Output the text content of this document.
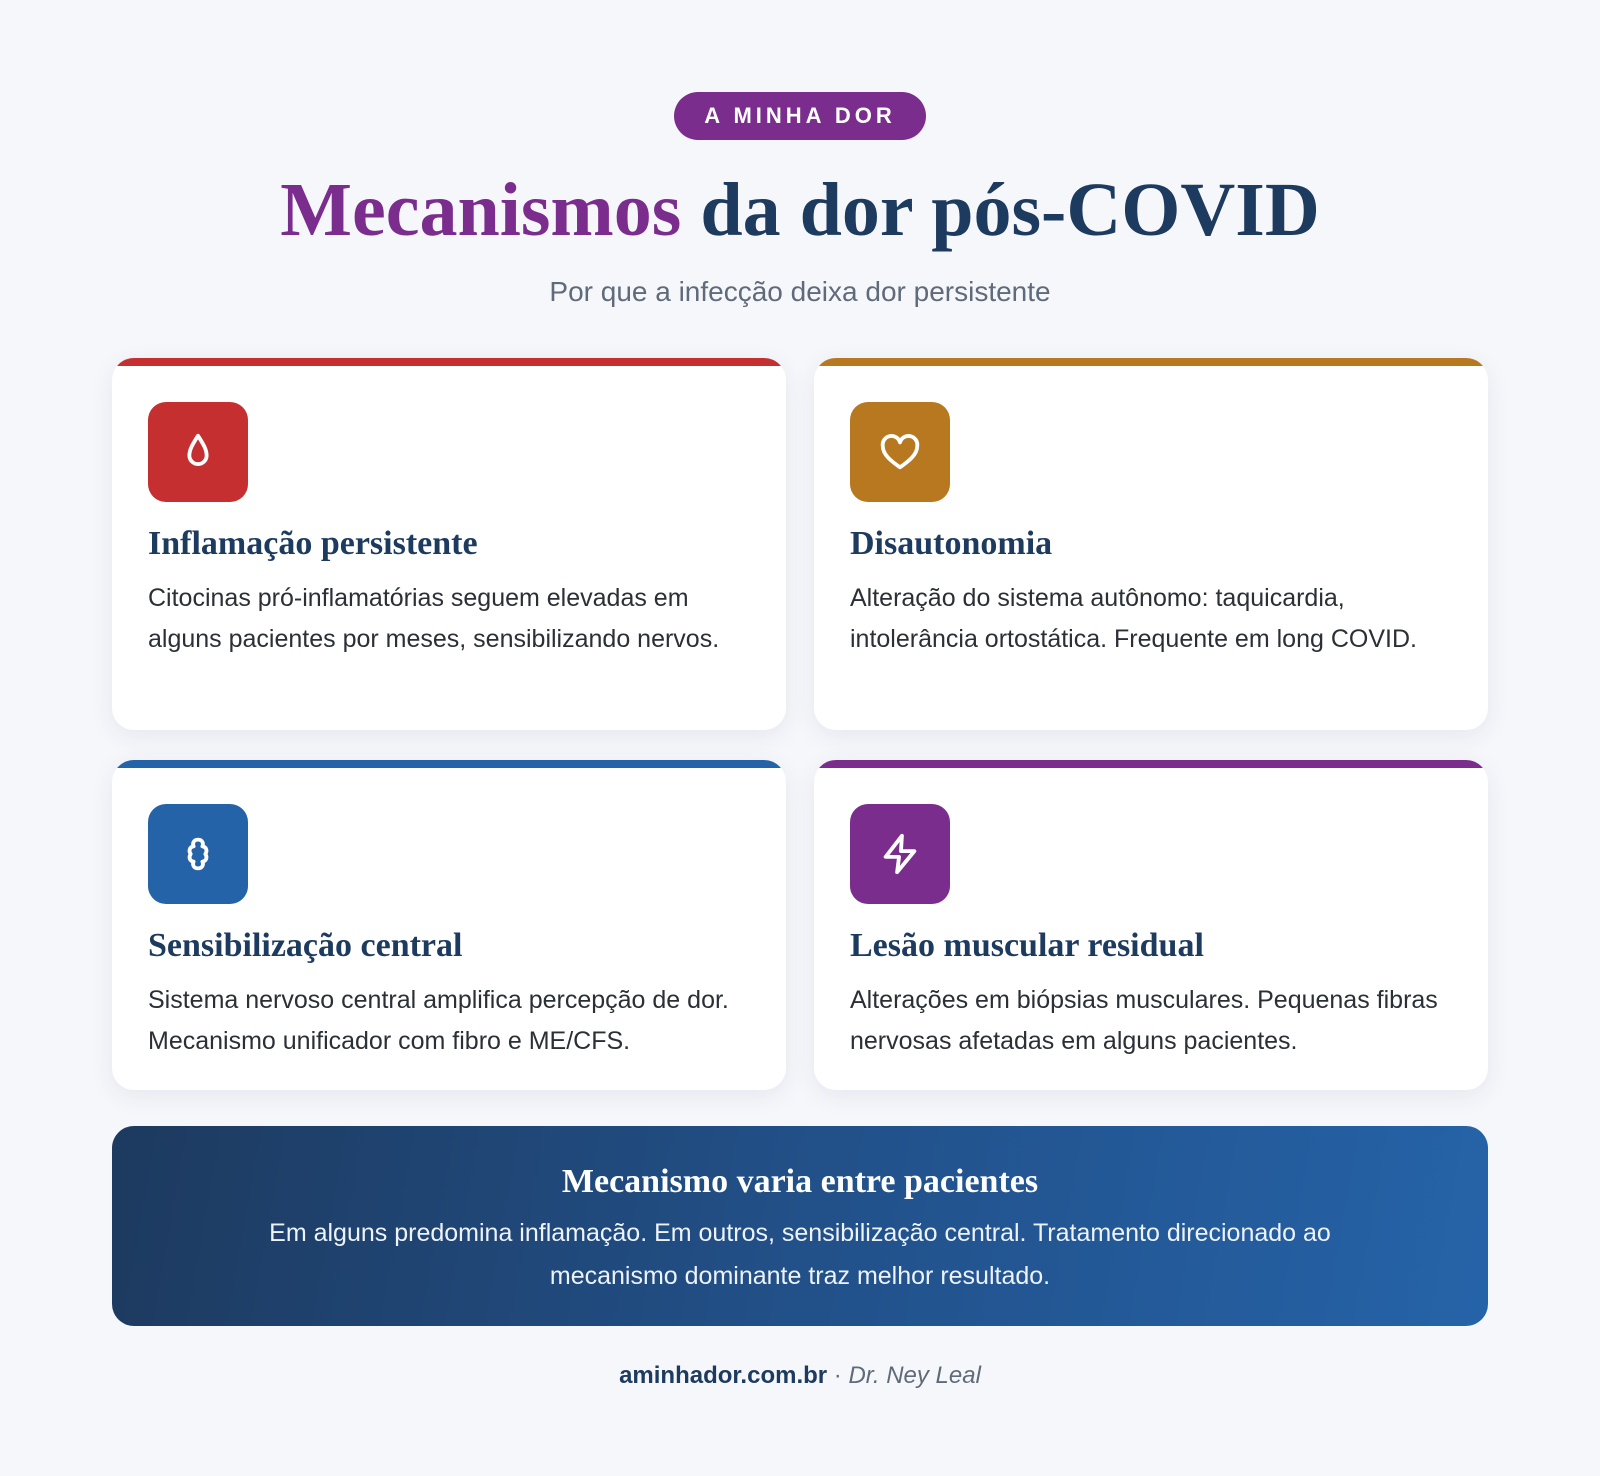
A MINHA DOR
Mecanismos da dor pós-COVID

Por que a infecção deixa dor persistente

Inflamação persistente

Citocinas pró-inflamatórias seguem elevadas em alguns pacientes por meses, sensibilizando nervos.

Disautonomia

Alteração do sistema autônomo: taquicardia, intolerância ortostática. Frequente em long COVID.

Sensibilização central

Sistema nervoso central amplifica percepção de dor. Mecanismo unificador com fibro e ME/CFS.

Lesão muscular residual

Alterações em biópsias musculares. Pequenas fibras nervosas afetadas em alguns pacientes.

Mecanismo varia entre pacientes

Em alguns predomina inflamação. Em outros, sensibilização central. Tratamento direcionado ao mecanismo dominante traz melhor resultado.

aminhador.com.br · Dr. Ney Leal
